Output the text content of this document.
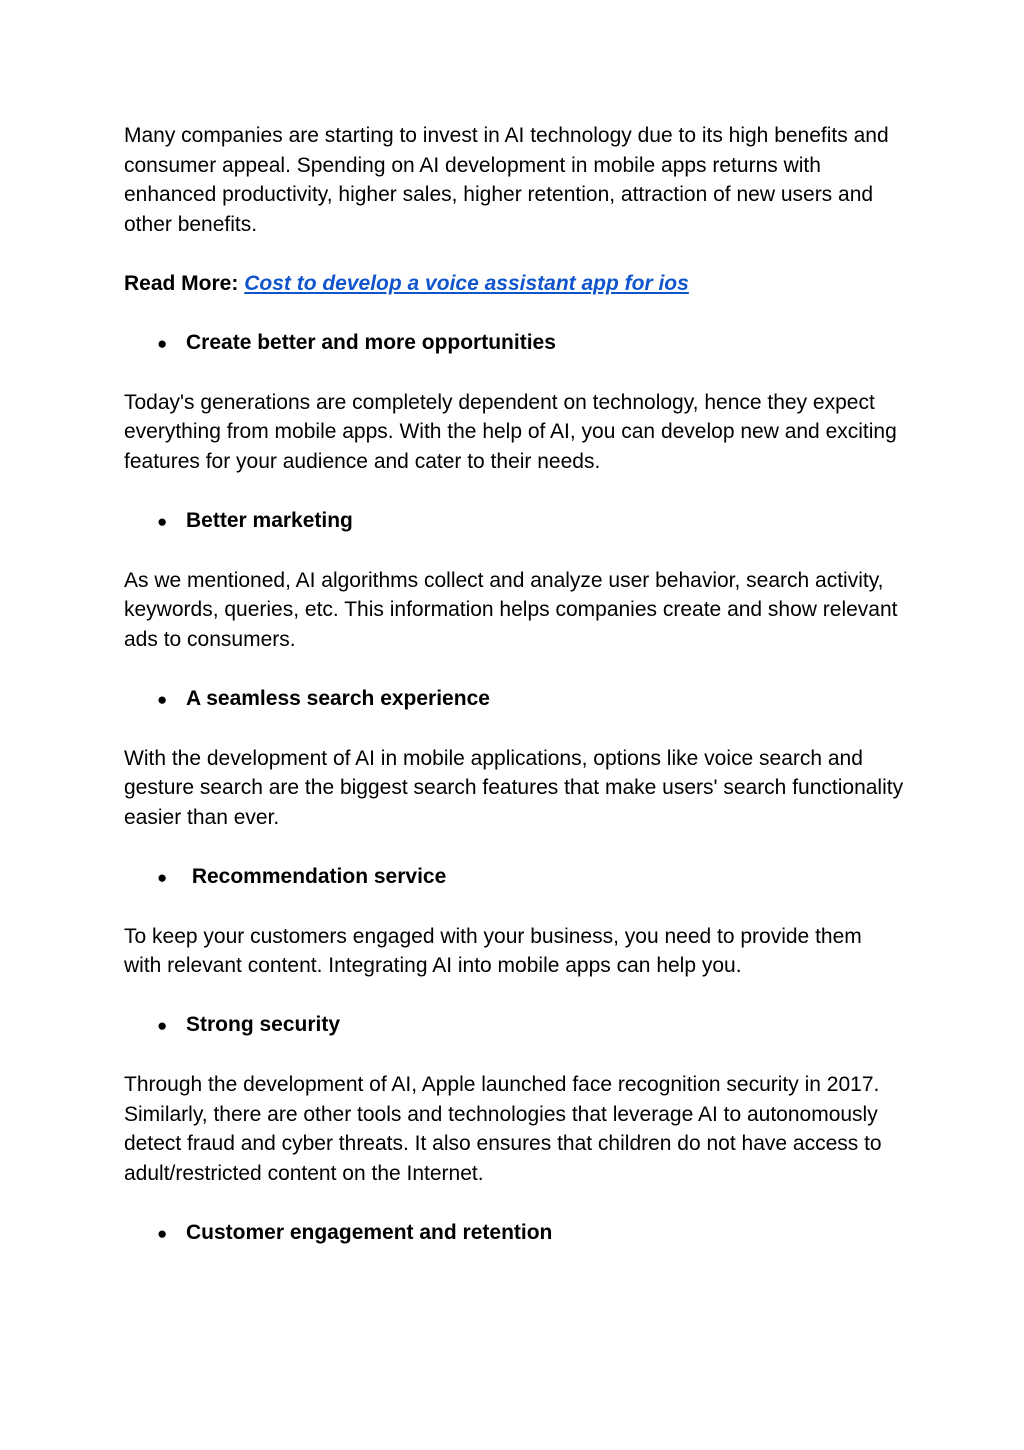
Many companies are starting to invest in AI technology due to its high benefits and consumer appeal. Spending on AI development in mobile apps returns with enhanced productivity, higher sales, higher retention, attraction of new users and other benefits.

Read More: Cost to develop a voice assistant app for ios

● Create better and more opportunities

Today's generations are completely dependent on technology, hence they expect everything from mobile apps. With the help of AI, you can develop new and exciting features for your audience and cater to their needs.

● Better marketing

As we mentioned, AI algorithms collect and analyze user behavior, search activity, keywords, queries, etc. This information helps companies create and show relevant ads to consumers.

● A seamless search experience

With the development of AI in mobile applications, options like voice search and gesture search are the biggest search features that make users' search functionality easier than ever.

● Recommendation service

To keep your customers engaged with your business, you need to provide them with relevant content. Integrating AI into mobile apps can help you.

● Strong security

Through the development of AI, Apple launched face recognition security in 2017. Similarly, there are other tools and technologies that leverage AI to autonomously detect fraud and cyber threats. It also ensures that children do not have access to adult/restricted content on the Internet.

● Customer engagement and retention
